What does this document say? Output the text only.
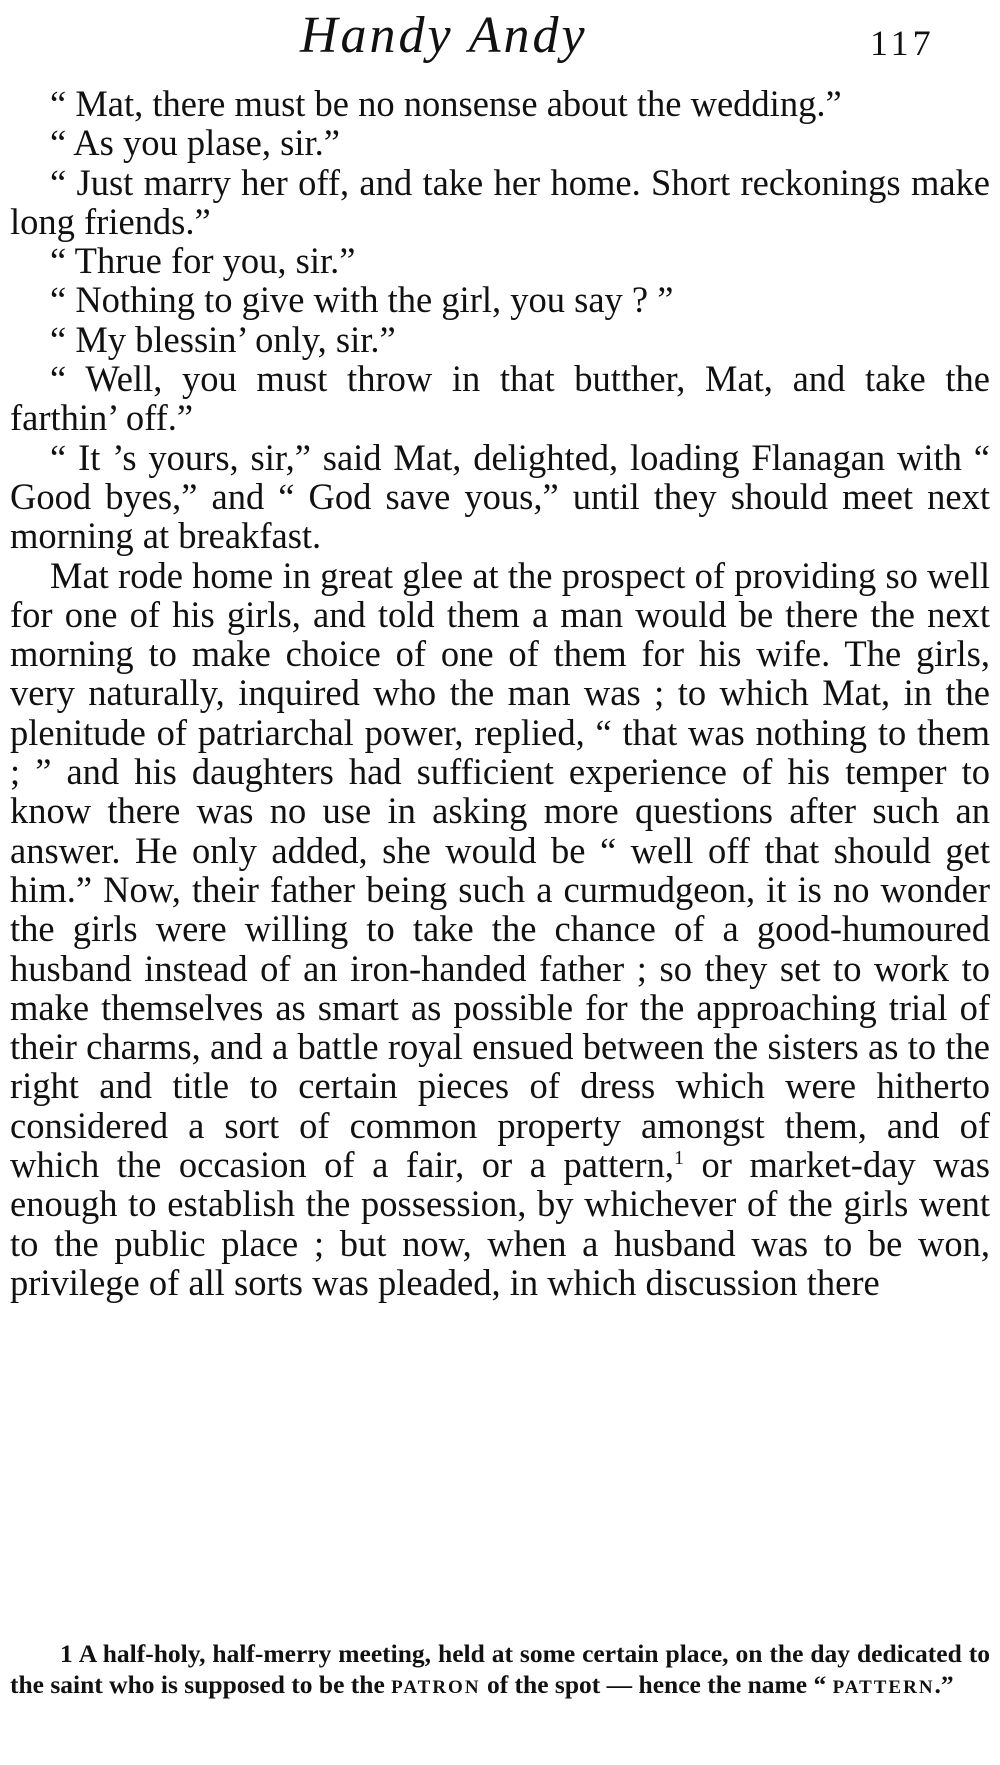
Handy Andy	117

“ Mat, there must be no nonsense about the wedding.”

“ As you plase, sir.”

“ Just marry her off, and take her home. Short reckonings make long friends.”

“ Thrue for you, sir.”

“ Nothing to give with the girl, you say ? ”

“ My blessin’ only, sir.”

“ Well, you must throw in that butther, Mat, and take the farthin’ off.”

“ It ’s yours, sir,” said Mat, delighted, loading Flanagan with “ Good byes,” and “ God save yous,” until they should meet next morning at breakfast.

Mat rode home in great glee at the prospect of providing so well for one of his girls, and told them a man would be there the next morning to make choice of one of them for his wife. The girls, very naturally, inquired who the man was ; to which Mat, in the plenitude of patriarchal power, replied, “ that was nothing to them ; ” and his daughters had sufficient experience of his temper to know there was no use in asking more questions after such an answer. He only added, she would be “ well off that should get him.” Now, their father being such a curmudgeon, it is no wonder the girls were willing to take the chance of a good-humoured husband instead of an iron-handed father ; so they set to work to make themselves as smart as possible for the approaching trial of their charms, and a battle royal ensued between the sisters as to the right and title to certain pieces of dress which were hitherto considered a sort of common property amongst them, and of which the occasion of a fair, or a pattern,$^1$ or market-day was enough to establish the possession, by whichever of the girls went to the public place ; but now, when a husband was to be won, privilege of all sorts was pleaded, in which discussion there

1 A half-holy, half-merry meeting, held at some certain place, on the day dedicated to the saint who is supposed to be the PATRON of the spot — hence the name “ PATTERN.”
